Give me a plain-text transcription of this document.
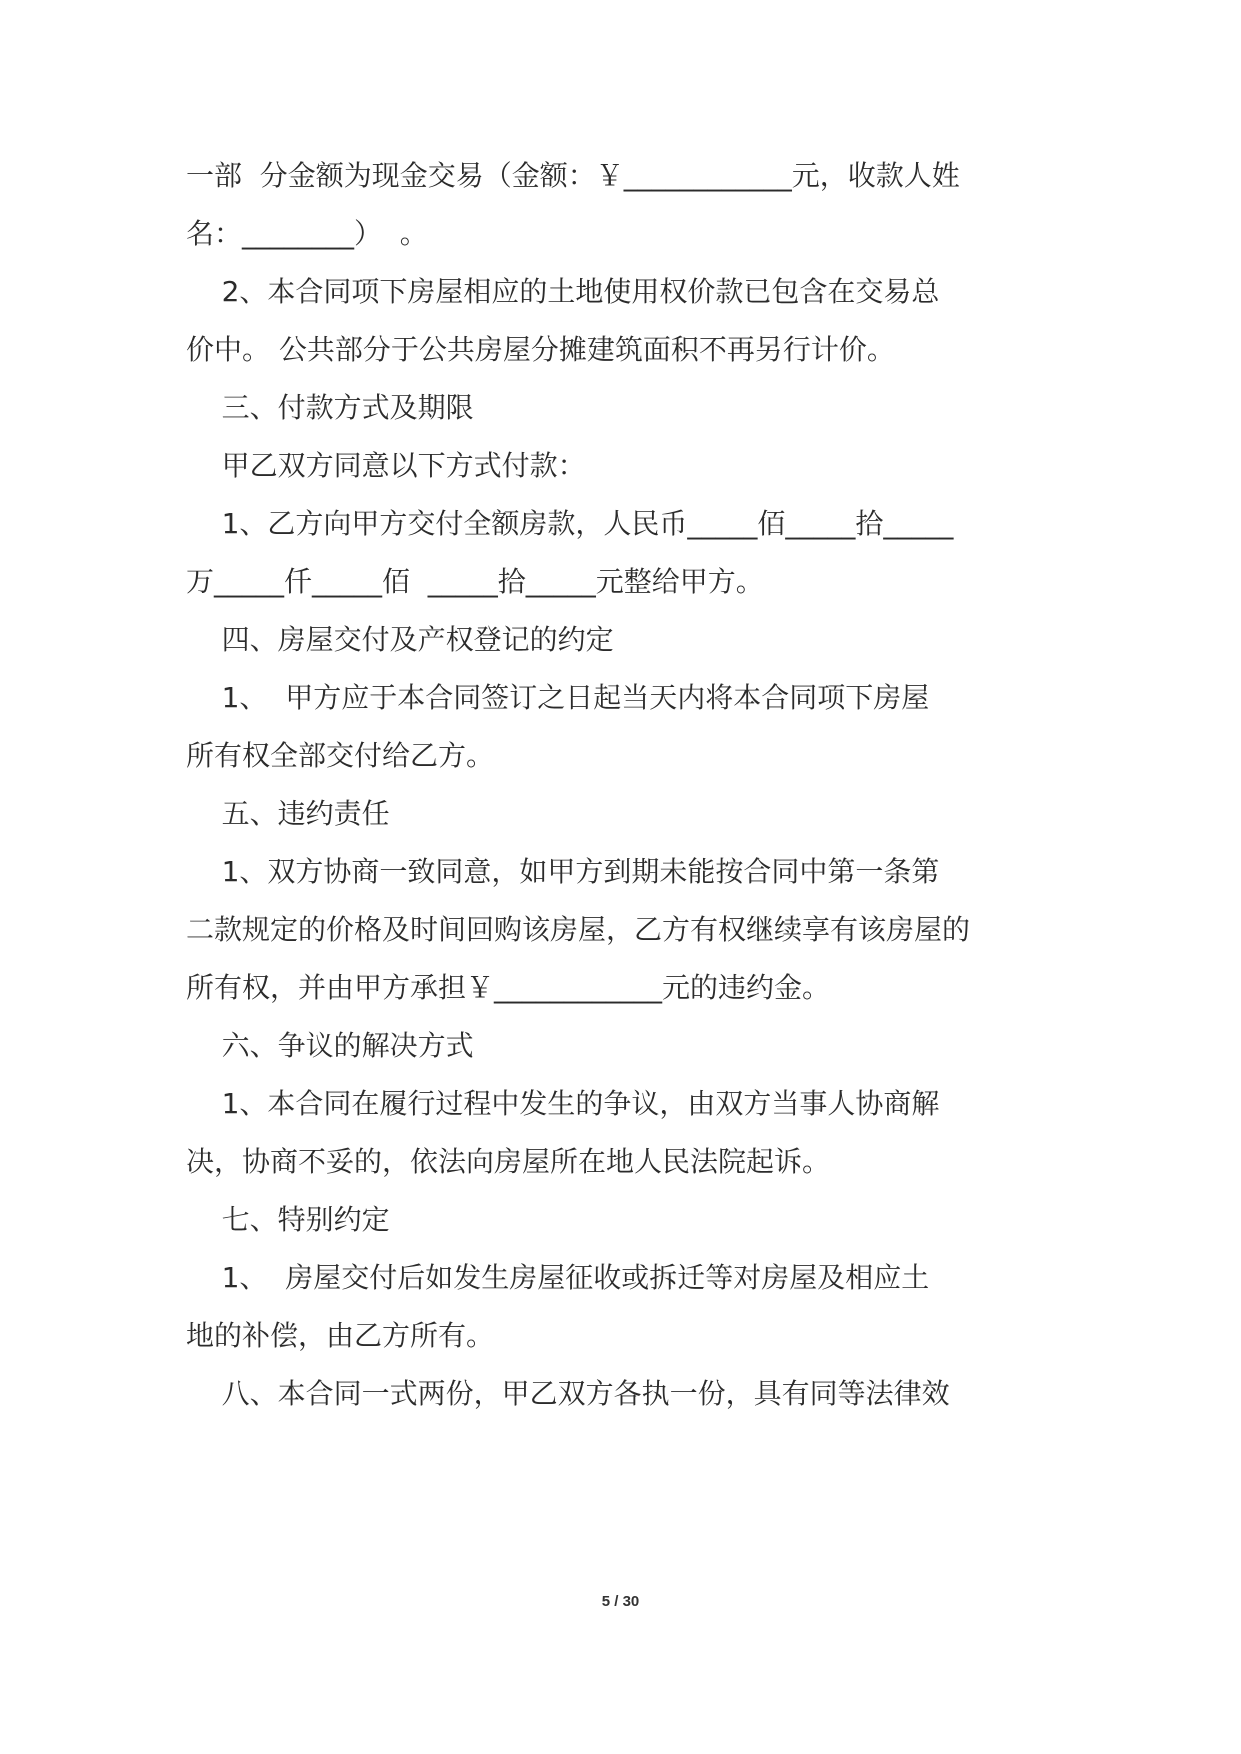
一部  分金额为现金交易（金额：￥____________元，收款人姓
名：________）  。
2、本合同项下房屋相应的土地使用权价款已包含在交易总
价中。 公共部分于公共房屋分摊建筑面积不再另行计价。
三、付款方式及期限
甲乙双方同意以下方式付款：
1、乙方向甲方交付全额房款，人民币_____佰_____拾_____
万_____仟_____佰  _____拾_____元整给甲方。
四、房屋交付及产权登记的约定
1、  甲方应于本合同签订之日起当天内将本合同项下房屋
所有权全部交付给乙方。
五、违约责任
1、双方协商一致同意，如甲方到期未能按合同中第一条第
二款规定的价格及时间回购该房屋，乙方有权继续享有该房屋的
所有权，并由甲方承担￥____________元的违约金。
六、争议的解决方式
1、本合同在履行过程中发生的争议，由双方当事人协商解
决，协商不妥的，依法向房屋所在地人民法院起诉。
七、特别约定
1、  房屋交付后如发生房屋征收或拆迁等对房屋及相应土
地的补偿，由乙方所有。
八、本合同一式两份，甲乙双方各执一份，具有同等法律效
5 / 30
